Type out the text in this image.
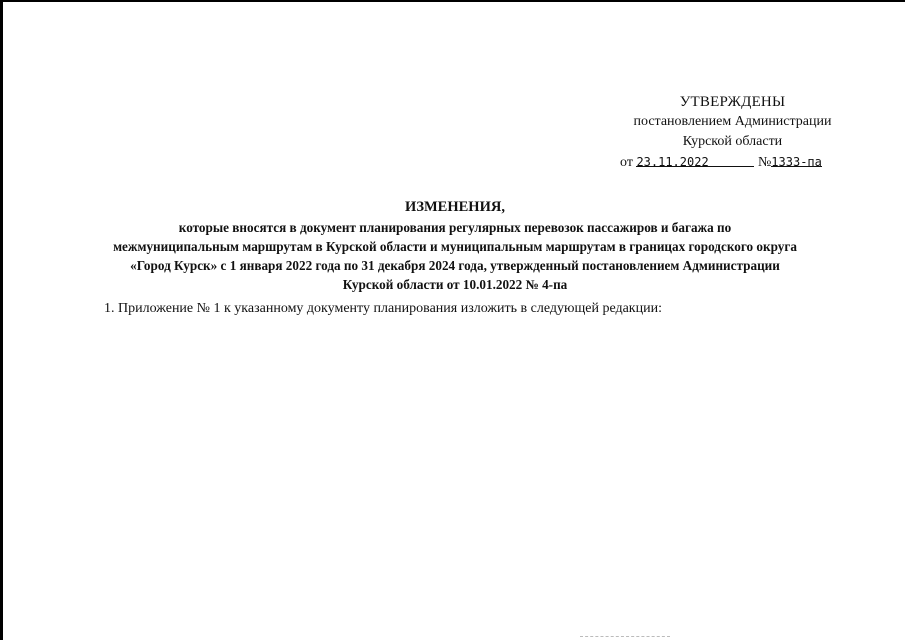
УТВЕРЖДЕНЫ
постановлением Администрации
Курской области
от 23.11.2022	№1333-па
ИЗМЕНЕНИЯ,
которые вносятся в документ планирования регулярных перевозок пассажиров и багажа по
межмуниципальным маршрутам в Курской области и муниципальным маршрутам в границах городского округа
«Город Курск» с 1 января 2022 года по 31 декабря 2024 года, утвержденный постановлением Администрации
Курской области от 10.01.2022 № 4-па
1. Приложение № 1 к указанному документу планирования изложить в следующей редакции:
